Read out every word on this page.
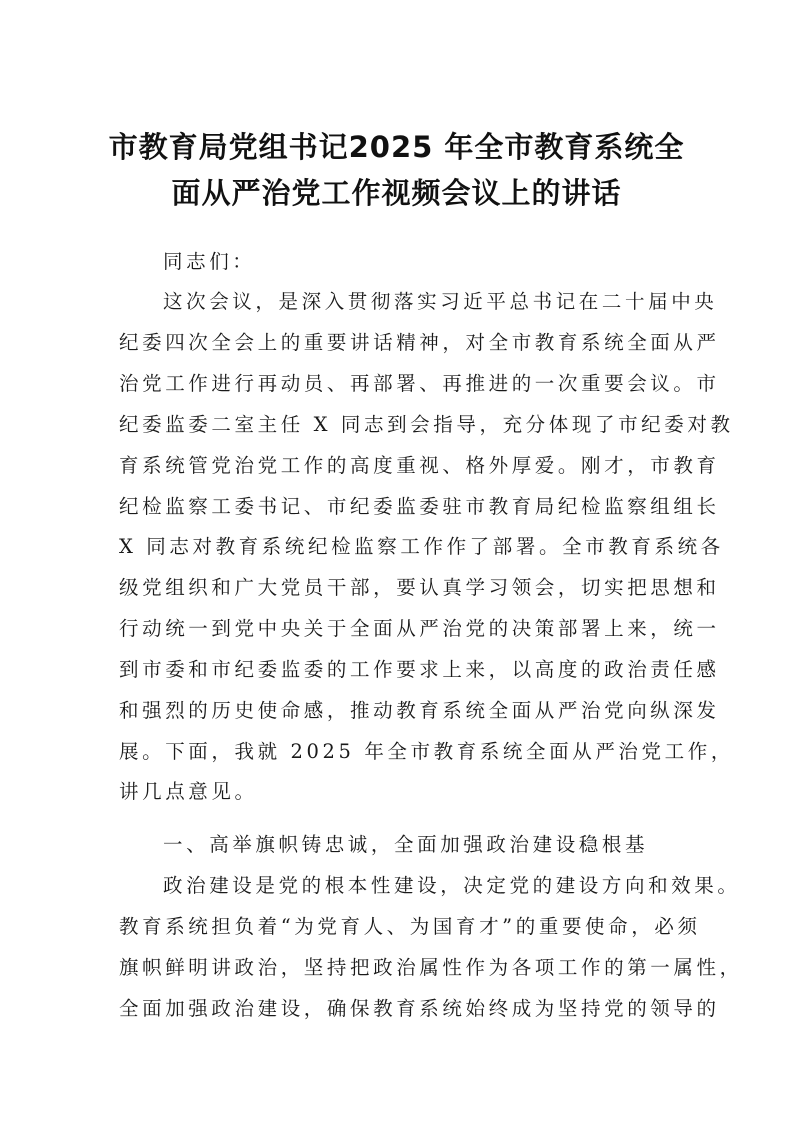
市教育局党组书记2025 年全市教育系统全
面从严治党工作视频会议上的讲话
同志们：
这次会议，是深入贯彻落实习近平总书记在二十届中央
纪委四次全会上的重要讲话精神，对全市教育系统全面从严
治党工作进行再动员、再部署、再推进的一次重要会议。市
纪委监委二室主任 X 同志到会指导，充分体现了市纪委对教
育系统管党治党工作的高度重视、格外厚爱。刚才，市教育
纪检监察工委书记、市纪委监委驻市教育局纪检监察组组长
X 同志对教育系统纪检监察工作作了部署。全市教育系统各
级党组织和广大党员干部，要认真学习领会，切实把思想和
行动统一到党中央关于全面从严治党的决策部署上来，统一
到市委和市纪委监委的工作要求上来，以高度的政治责任感
和强烈的历史使命感，推动教育系统全面从严治党向纵深发
展。下面，我就 2025 年全市教育系统全面从严治党工作，
讲几点意见。
一、高举旗帜铸忠诚，全面加强政治建设稳根基
政治建设是党的根本性建设，决定党的建设方向和效果。
教育系统担负着“为党育人、为国育才”的重要使命，必须
旗帜鲜明讲政治，坚持把政治属性作为各项工作的第一属性，
全面加强政治建设，确保教育系统始终成为坚持党的领导的
